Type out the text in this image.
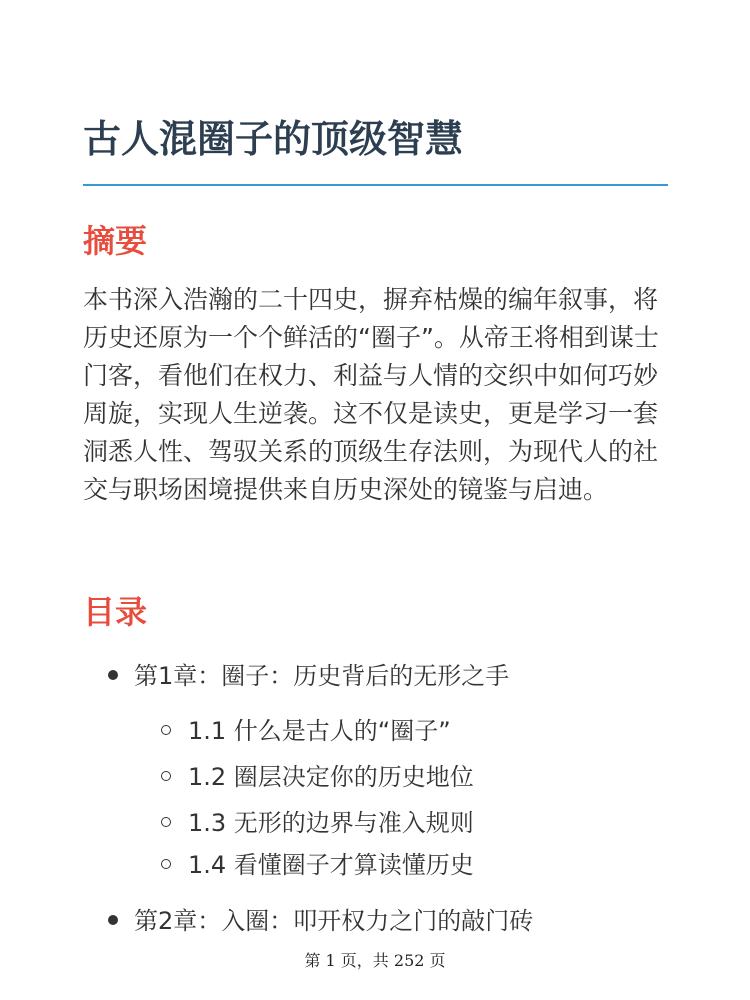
古人混圈子的顶级智慧
摘要

本书深入浩瀚的二十四史，摒弃枯燥的编年叙事，将历史还原为一个个鲜活的“圈子”。从帝王将相到谋士门客，看他们在权力、利益与人情的交织中如何巧妙周旋，实现人生逆袭。这不仅是读史，更是学习一套洞悉人性、驾驭关系的顶级生存法则，为现代人的社交与职场困境提供来自历史深处的镜鉴与启迪。

目录
第1章：圈子：历史背后的无形之手
1.1 什么是古人的“圈子”
1.2 圈层决定你的历史地位
1.3 无形的边界与准入规则
1.4 看懂圈子才算读懂历史
第2章：入圈：叩开权力之门的敲门砖
第 1 页，共 252 页
